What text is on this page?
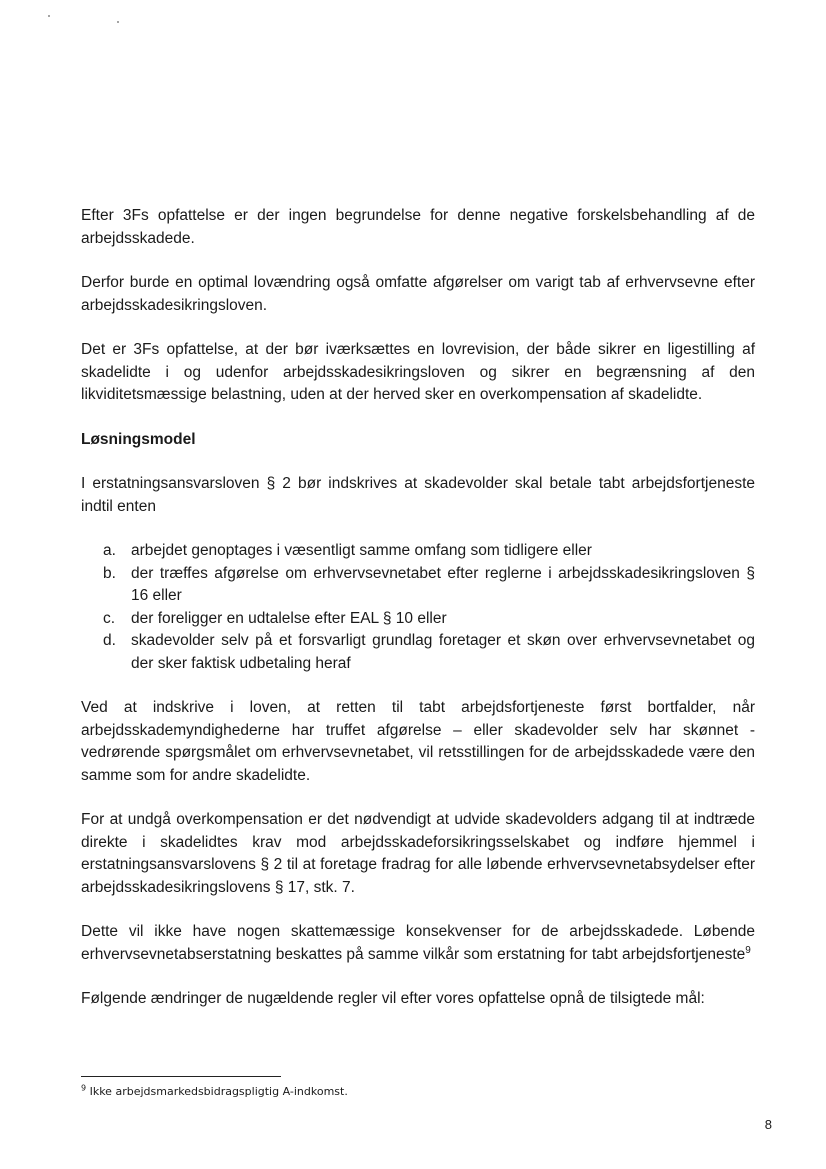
Efter 3Fs opfattelse er der ingen begrundelse for denne negative forskelsbehandling af de arbejdsskadede.

Derfor burde en optimal lovændring også omfatte afgørelser om varigt tab af erhvervsevne efter arbejdsskadesikringsloven.

Det er 3Fs opfattelse, at der bør iværksættes en lovrevision, der både sikrer en ligestilling af skadelidte i og udenfor arbejdsskadesikringsloven og sikrer en begrænsning af den likviditetsmæssige belastning, uden at der herved sker en overkompensation af skadelidte.

Løsningsmodel

I erstatningsansvarsloven § 2 bør indskrives at skadevolder skal betale tabt arbejdsfortjeneste indtil enten

a. arbejdet genoptages i væsentligt samme omfang som tidligere eller
b. der træffes afgørelse om erhvervsevnetabet efter reglerne i arbejdsskadesikringsloven § 16 eller
c.	der foreligger en udtalelse efter EAL § 10 eller
d. skadevolder selv på et forsvarligt grundlag foretager et skøn over erhvervsevnetabet og der sker faktisk udbetaling heraf

Ved at indskrive i loven, at retten til tabt arbejdsfortjeneste først bortfalder, når arbejdsskademyndighederne har truffet afgørelse – eller skadevolder selv har skønnet - vedrørende spørgsmålet om erhvervsevnetabet, vil retsstillingen for de arbejdsskadede være den samme som for andre skadelidte.

For at undgå overkompensation er det nødvendigt at udvide skadevolders adgang til at indtræde direkte i skadelidtes krav mod arbejdsskadeforsikringsselskabet og indføre hjemmel i erstatningsansvarslovens § 2 til at foretage fradrag for alle løbende erhvervsevnetabsydelser efter arbejdsskadesikringslovens § 17, stk. 7.

Dette vil ikke have nogen skattemæssige konsekvenser for de arbejdsskadede. Løbende erhvervsevnetabserstatning beskattes på samme vilkår som erstatning for tabt arbejdsfortjeneste$^9$

Følgende ændringer de nugældende regler vil efter vores opfattelse opnå de tilsigtede mål:

$^9$ Ikke arbejdsmarkedsbidragspligtig A-indkomst.
8
